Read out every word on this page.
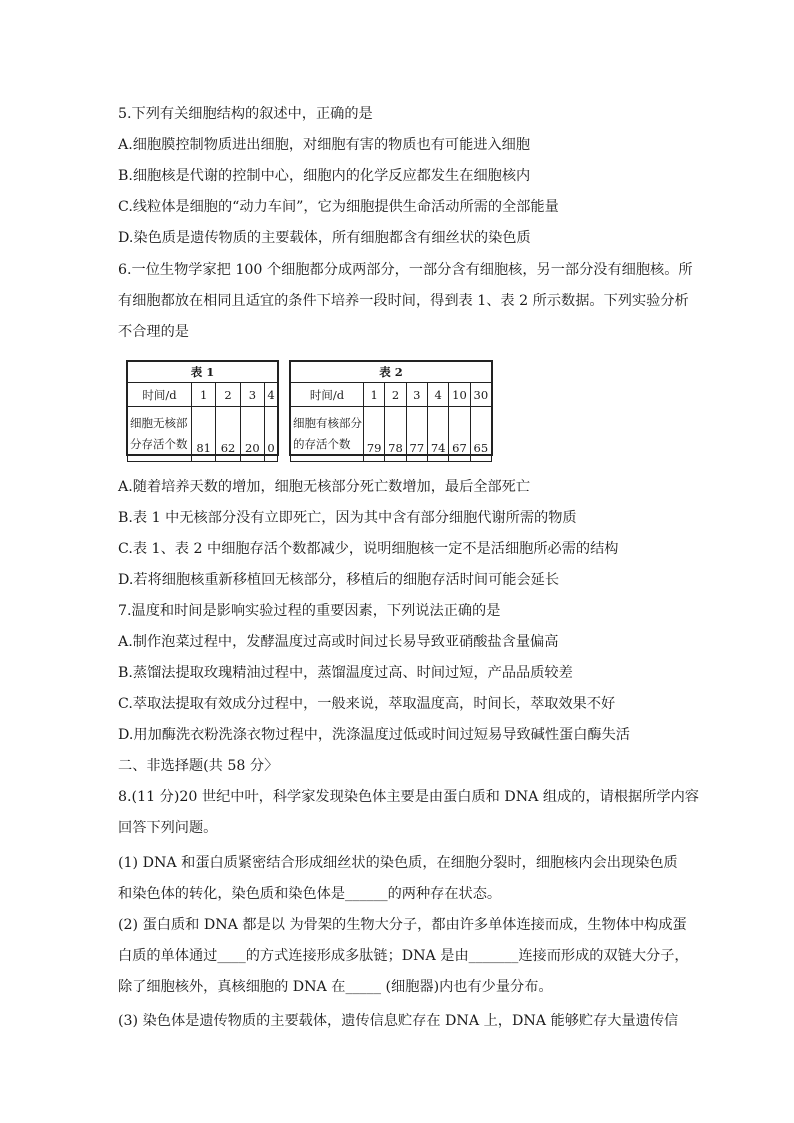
5.下列有关细胞结构的叙述中，正确的是
A.细胞膜控制物质进出细胞，对细胞有害的物质也有可能进入细胞
B.细胞核是代谢的控制中心，细胞内的化学反应都发生在细胞核内
C.线粒体是细胞的“动力车间”，它为细胞提供生命活动所需的全部能量
D.染色质是遗传物质的主要载体，所有细胞都含有细丝状的染色质
6.一位生物学家把 100 个细胞都分成两部分，一部分含有细胞核，另一部分没有细胞核。所
有细胞都放在相同且适宜的条件下培养一段时间，得到表 1、表 2 所示数据。下列实验分析
不合理的是
表 1				
时间/d	1	2	3	4
细胞无核部
分存活个数	81	62	20	0
表 2						
时间/d	1	2	3	4	10	30
细胞有核部分
的存活个数	79	78	77	74	67	65
A.随着培养天数的增加，细胞无核部分死亡数增加，最后全部死亡
B.表 1 中无核部分没有立即死亡，因为其中含有部分细胞代谢所需的物质
C.表 1、表 2 中细胞存活个数都减少，说明细胞核一定不是活细胞所必需的结构
D.若将细胞核重新移植回无核部分，移植后的细胞存活时间可能会延长
7.温度和时间是影响实验过程的重要因素，下列说法正确的是
A.制作泡菜过程中，发酵温度过高或时间过长易导致亚硝酸盐含量偏高
B.蒸馏法提取玫瑰精油过程中，蒸馏温度过高、时间过短，产品品质较差
C.萃取法提取有效成分过程中，一般来说，萃取温度高，时间长，萃取效果不好
D.用加酶洗衣粉洗涤衣物过程中，洗涤温度过低或时间过短易导致碱性蛋白酶失活
二、非选择题(共 58 分〉
8.(11 分)20 世纪中叶，科学家发现染色体主要是由蛋白质和 DNA 组成的，请根据所学内容
回答下列问题。
(1) DNA 和蛋白质紧密结合形成细丝状的染色质，在细胞分裂时，细胞核内会出现染色质
和染色体的转化，染色质和染色体是______的两种存在状态。
(2) 蛋白质和 DNA 都是以 为骨架的生物大分子，都由许多单体连接而成，生物体中构成蛋
白质的单体通过____的方式连接形成多肽链；DNA 是由_______连接而形成的双链大分子，
除了细胞核外，真核细胞的 DNA 在_____ (细胞器)内也有少量分布。
(3) 染色体是遗传物质的主要载体，遗传信息贮存在 DNA 上，DNA 能够贮存大量遗传信
